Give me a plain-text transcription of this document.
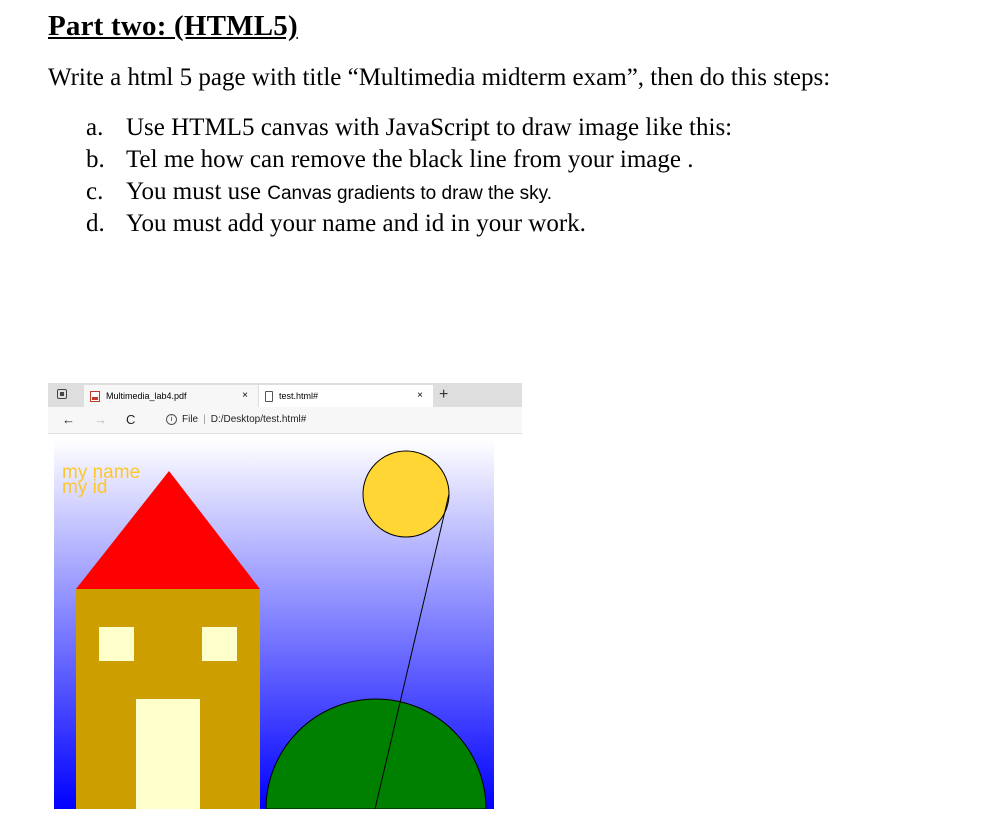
Part two: (HTML5)
Write a html 5 page with title “Multimedia midterm exam”, then do this steps:
a. Use HTML5 canvas with JavaScript to draw image like this:
b. Tel me how can remove the black line from your image .
c. You must use Canvas gradients to draw the sky.
d. You must add your name and id in your work.
Multimedia_lab4.pdf	×	test.html#	× +
← → C	i File | D:/Desktop/test.html#
my name
my id
